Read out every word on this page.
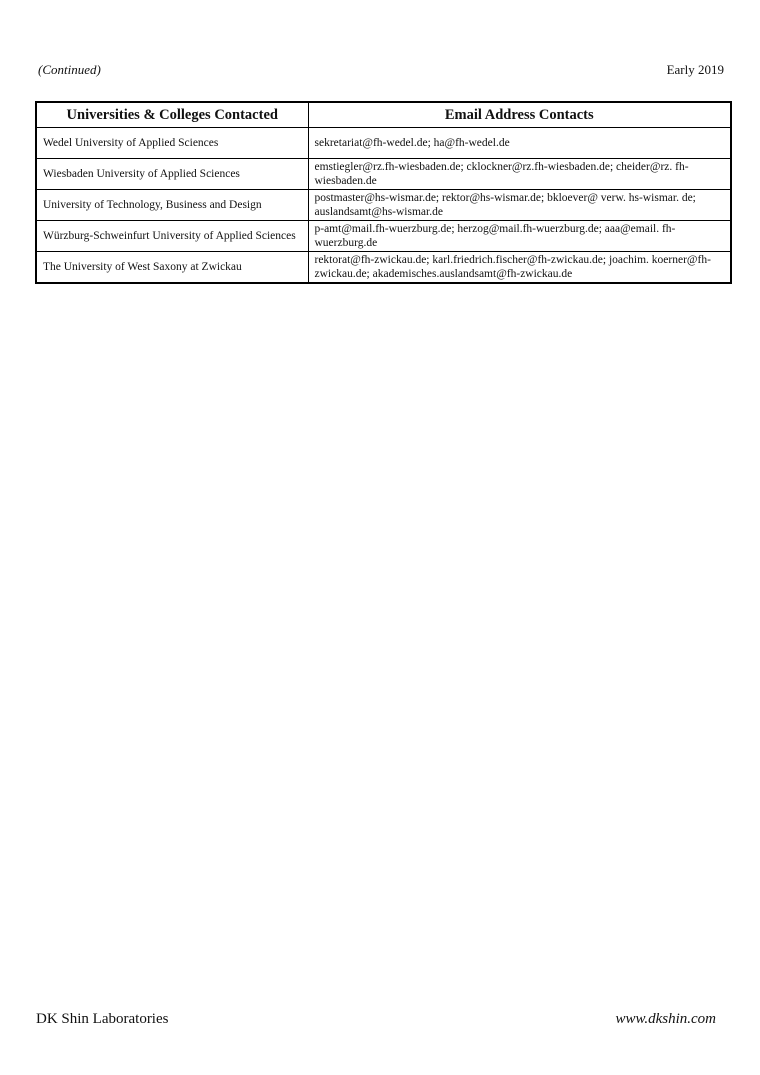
(Continued)	Early 2019
Universities & Colleges Contacted	Email Address Contacts
Wedel University of Applied Sciences	sekretariat@fh-wedel.de; ha@fh-wedel.de
Wiesbaden University of Applied Sciences	emstiegler@rz.fh-wiesbaden.de; cklockner@rz.fh-wiesbaden.de; cheider@rz. fh-wiesbaden.de
University of Technology, Business and Design	postmaster@hs-wismar.de; rektor@hs-wismar.de; bkloever@ verw. hs-wismar. de; auslandsamt@hs-wismar.de
Würzburg-Schweinfurt University of Applied Sciences	p-amt@mail.fh-wuerzburg.de; herzog@mail.fh-wuerzburg.de; aaa@email. fh-wuerzburg.de
The University of West Saxony at Zwickau	rektorat@fh-zwickau.de; karl.friedrich.fischer@fh-zwickau.de; joachim. koerner@fh-zwickau.de; akademisches.auslandsamt@fh-zwickau.de
DK Shin Laboratories	www.dkshin.com
